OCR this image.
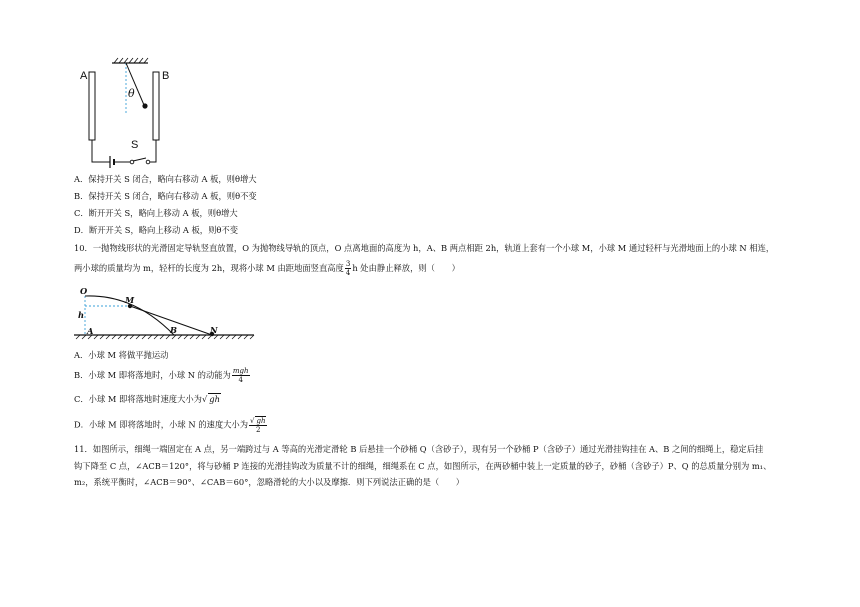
A	B
θ
S
A．保持开关 S 闭合，略向右移动 A 板，则θ增大
B．保持开关 S 闭合，略向右移动 A 板，则θ不变
C．断开开关 S，略向上移动 A 板，则θ增大
D．断开开关 S，略向上移动 A 板，则θ不变
10．一抛物线形状的光滑固定导轨竖直放置，O 为抛物线导轨的顶点，O 点离地面的高度为 h，A、B 两点相距 2h，轨道上套有一个小球 M，小球 M 通过轻杆与光滑地面上的小球 N 相连，
两小球的质量均为 m，轻杆的长度为 2h，现将小球 M 由距地面竖直高度 $\frac{3}{4}$ h 处由静止释放，则（　　）
O
M
h
A	B	N
A．小球 M 将做平抛运动
B．小球 M 即将落地时，小球 N 的动能为 $\frac{\text{mgh}}{4}$
C．小球 M 即将落地时速度大小为√ gh
D．小球 M 即将落地时，小球 N 的速度大小为 $\frac{√ gh}{2}$
11．如图所示，细绳一端固定在 A 点，另一端跨过与 A 等高的光滑定滑轮 B 后悬挂一个砂桶 Q（含砂子），现有另一个砂桶 P（含砂子）通过光滑挂钩挂在 A、B 之间的细绳上，稳定后挂
钩下降至 C 点，∠ACB＝120°，将与砂桶 P 连接的光滑挂钩改为质量不计的细绳，细绳系在 C 点，如图所示，在两砂桶中装上一定质量的砂子，砂桶（含砂子）P、Q 的总质量分别为 m₁、
m₂，系统平衡时，∠ACB＝90°、∠CAB＝60°，忽略滑轮的大小以及摩擦．则下列说法正确的是（　　）
